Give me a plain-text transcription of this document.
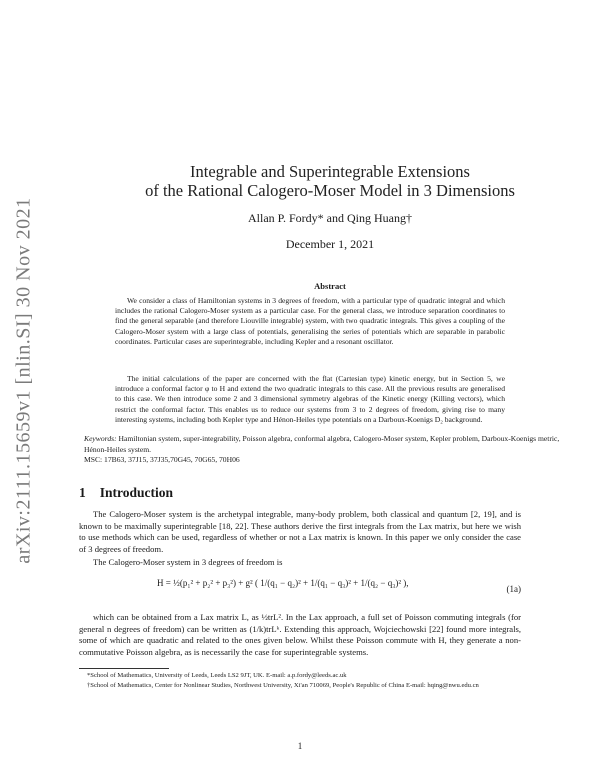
arXiv:2111.15659v1 [nlin.SI] 30 Nov 2021
Integrable and Superintegrable Extensions
of the Rational Calogero-Moser Model in 3 Dimensions
Allan P. Fordy* and Qing Huang†
December 1, 2021
Abstract

We consider a class of Hamiltonian systems in 3 degrees of freedom, with a particular type of quadratic integral and which includes the rational Calogero-Moser system as a particular case. For the general class, we introduce separation coordinates to find the general separable (and therefore Liouville integrable) system, with two quadratic integrals. This gives a coupling of the Calogero-Moser system with a large class of potentials, generalising the series of potentials which are separable in parabolic coordinates. Particular cases are superintegrable, including Kepler and a resonant oscillator.

The initial calculations of the paper are concerned with the flat (Cartesian type) kinetic energy, but in Section 5, we introduce a conformal factor φ to H and extend the two quadratic integrals to this case. All the previous results are generalised to this case. We then introduce some 2 and 3 dimensional symmetry algebras of the Kinetic energy (Killing vectors), which restrict the conformal factor. This enables us to reduce our systems from 3 to 2 degrees of freedom, giving rise to many interesting systems, including both Kepler type and Hénon-Heiles type potentials on a Darboux-Koenigs D₂ background.

Keywords: Hamiltonian system, super-integrability, Poisson algebra, conformal algebra, Calogero-Moser system, Kepler problem, Darboux-Koenigs metric, Hénon-Heiles system.
MSC: 17B63, 37J15, 37J35,70G45, 70G65, 70H06
1 Introduction

The Calogero-Moser system is the archetypal integrable, many-body problem, both classical and quantum [2, 19], and is known to be maximally superintegrable [18, 22]. These authors derive the first integrals from the Lax matrix, but here we wish to use methods which can be used, regardless of whether or not a Lax matrix is known. In this paper we only consider the case of 3 degrees of freedom.

The Calogero-Moser system in 3 degrees of freedom is

H = ½(p₁² + p₂² + p₃²) + g² ( 1/(q₁ − q₂)² + 1/(q₁ − q₃)² + 1/(q₂ − q₃)² ),
(1a)

which can be obtained from a Lax matrix L, as ½trL². In the Lax approach, a full set of Poisson commuting integrals (for general n degrees of freedom) can be written as (1/k)trLᵏ. Extending this approach, Wojciechowski [22] found more integrals, some of which are quadratic and related to the ones given below. Whilst these Poisson commute with H, they generate a non-commutative Poisson algebra, as is necessarily the case for superintegrable systems.

*School of Mathematics, University of Leeds, Leeds LS2 9JT, UK. E-mail: a.p.fordy@leeds.ac.uk
†School of Mathematics, Center for Nonlinear Studies, Northwest University, Xi'an 710069, People's Republic of China E-mail: hqing@nwu.edu.cn
1
